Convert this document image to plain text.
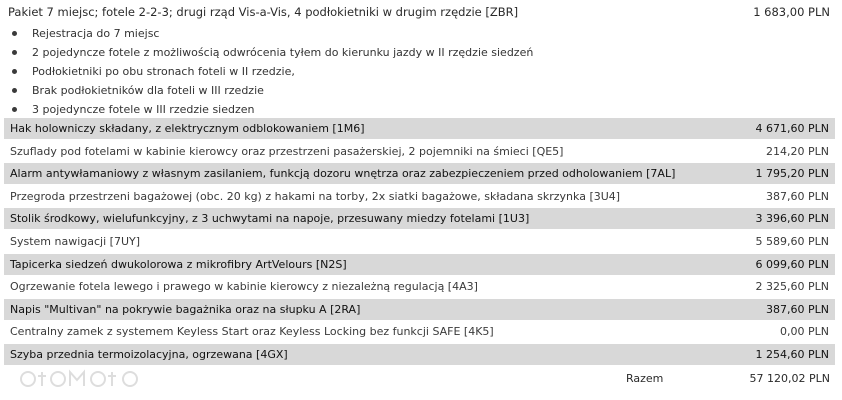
Pakiet 7 miejsc; fotele 2-2-3; drugi rząd Vis-a-Vis, 4 podłokietniki w drugim rzędzie [ZBR]	1 683,00 PLN
Rejestracja do 7 miejsc
2 pojedyncze fotele z możliwością odwrócenia tyłem do kierunku jazdy w II rzędzie siedzeń
Podłokietniki po obu stronach foteli w II rzedzie,
Brak podłokietników dla foteli w III rzedzie
3 pojedyncze fotele w III rzedzie siedzen
Hak holowniczy składany, z elektrycznym odblokowaniem [1M6]	4 671,60 PLN
Szuflady pod fotelami w kabinie kierowcy oraz przestrzeni pasażerskiej, 2 pojemniki na śmieci [QE5]	214,20 PLN
Alarm antywłamaniowy z własnym zasilaniem, funkcją dozoru wnętrza oraz zabezpieczeniem przed odholowaniem [7AL]	1 795,20 PLN
Przegroda przestrzeni bagażowej (obc. 20 kg) z hakami na torby, 2x siatki bagażowe, składana skrzynka [3U4]	387,60 PLN
Stolik środkowy, wielufunkcyjny, z 3 uchwytami na napoje, przesuwany miedzy fotelami [1U3]	3 396,60 PLN
System nawigacji [7UY]	5 589,60 PLN
Tapicerka siedzeń dwukolorowa z mikrofibry ArtVelours [N2S]	6 099,60 PLN
Ogrzewanie fotela lewego i prawego w kabinie kierowcy z niezależną regulacją [4A3]	2 325,60 PLN
Napis "Multivan" na pokrywie bagażnika oraz na słupku A [2RA]	387,60 PLN
Centralny zamek z systemem Keyless Start oraz Keyless Locking bez funkcji SAFE [4K5]	0,00 PLN
Szyba przednia termoizolacyjna, ogrzewana [4GX]	1 254,60 PLN
Razem	57 120,02 PLN
